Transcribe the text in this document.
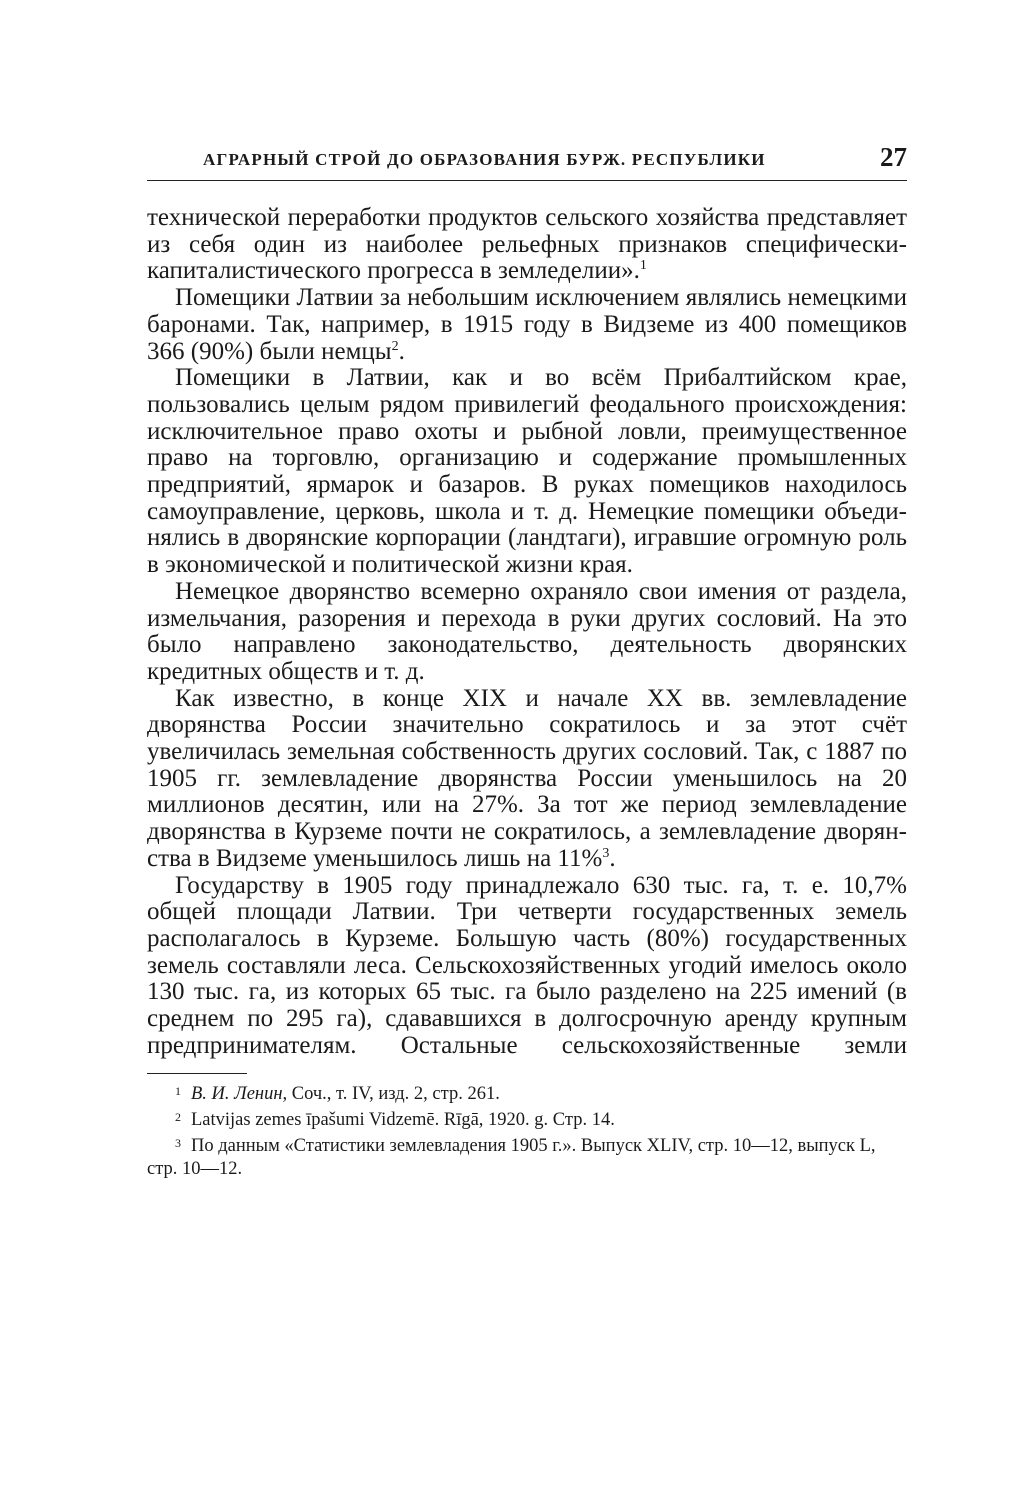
АГРАРНЫЙ СТРОЙ ДО ОБРАЗОВАНИЯ БУРЖ. РЕСПУБЛИКИ	27

технической переработки продуктов сельского хозяйства представляет из себя один из наиболее рельефных признаков специфически-капиталистического прогресса в земледелии».$^1$

Помещики Латвии за небольшим исключением являлись немецкими баронами. Так, например, в 1915 году в Видземе из 400 помещиков 366 (90%) были немцы$^2$.

Помещики в Латвии, как и во всём Прибалтийском крае, пользовались целым рядом привилегий феодального происхождения: исключительное право охоты и рыбной ловли, преимущественное право на торговлю, организацию и содержание промышленных предприятий, ярмарок и базаров. В руках помещиков находилось самоуправление, церковь, школа и т. д. Немецкие помещики объединялись в дворянские корпорации (ландтаги), игравшие огромную роль в экономической и политической жизни края.

Немецкое дворянство всемерно охраняло свои имения от раздела, измельчания, разорения и перехода в руки других сословий. На это было направлено законодательство, деятельность дворянских кредитных обществ и т. д.

Как известно, в конце XIX и начале XX вв. землевладение дворянства России значительно сократилось и за этот счёт увеличилась земельная собственность других сословий. Так, с 1887 по 1905 гг. землевладение дворянства России уменьшилось на 20 миллионов десятин, или на 27%. За тот же период землевладение дворянства в Курземе почти не сократилось, а землевладение дворянства в Видземе уменьшилось лишь на 11%$^3$.

Государству в 1905 году принадлежало 630 тыс. га, т. е. 10,7% общей площади Латвии. Три четверти государственных земель располагалось в Курземе. Большую часть (80%) государственных земель составляли леса. Сельскохозяйственных угодий имелось около 130 тыс. га, из которых 65 тыс. га было разделено на 225 имений (в среднем по 295 га), сдававшихся в долгосрочную аренду крупным предпринимателям. Остальные сельскохозяйственные земли

$^1$ В. И. Ленин, Соч., т. IV, изд. 2, стр. 261.

$^2$ Latvijas zemes īpašumi Vidzemē. Rīgā, 1920. g. Стр. 14.

$^3$ По данным «Статистики землевладения 1905 г.». Выпуск XLIV, стр. 10—12, выпуск L, стр. 10—12.
